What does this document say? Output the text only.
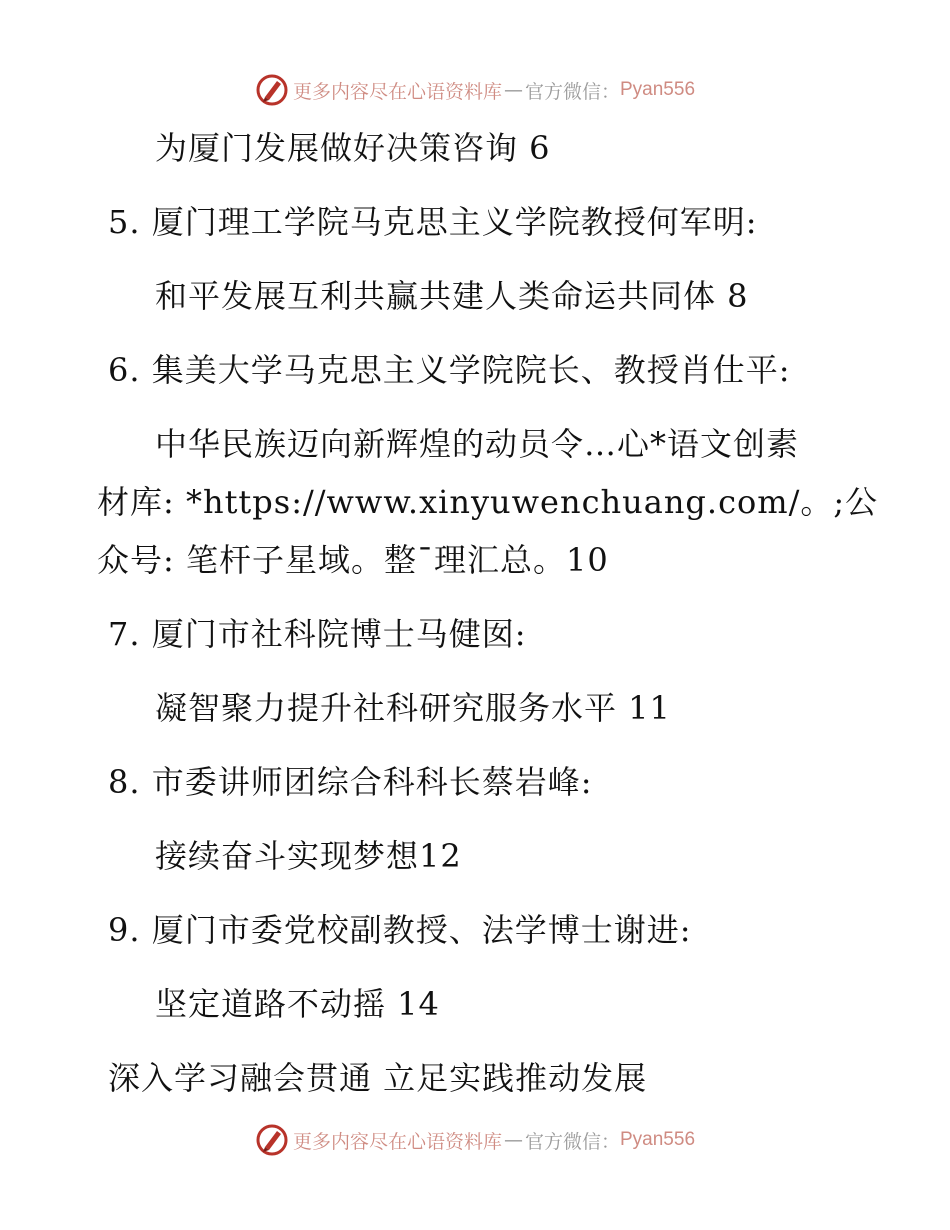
更多内容尽在心语资料库 — 官方微信： Pyan556
为厦门发展做好决策咨询 6
5. 厦门理工学院马克思主义学院教授何军明:
和平发展互利共赢共建人类命运共同体 8
6. 集美大学马克思主义学院院长、教授肖仕平:
中华民族迈向新辉煌的动员令…心*语文创素
材库: *https://www.xinyuwenchuang.com/。;公
众号: 笔杆子星域。整¯理汇总。10
7. 厦门市社科院博士马健囡:
凝智聚力提升社科研究服务水平 11
8. 市委讲师团综合科科长蔡岩峰:
接续奋斗实现梦想12
9. 厦门市委党校副教授、法学博士谢进:
坚定道路不动摇 14
深入学习融会贯通 立足实践推动发展
更多内容尽在心语资料库 — 官方微信： Pyan556
